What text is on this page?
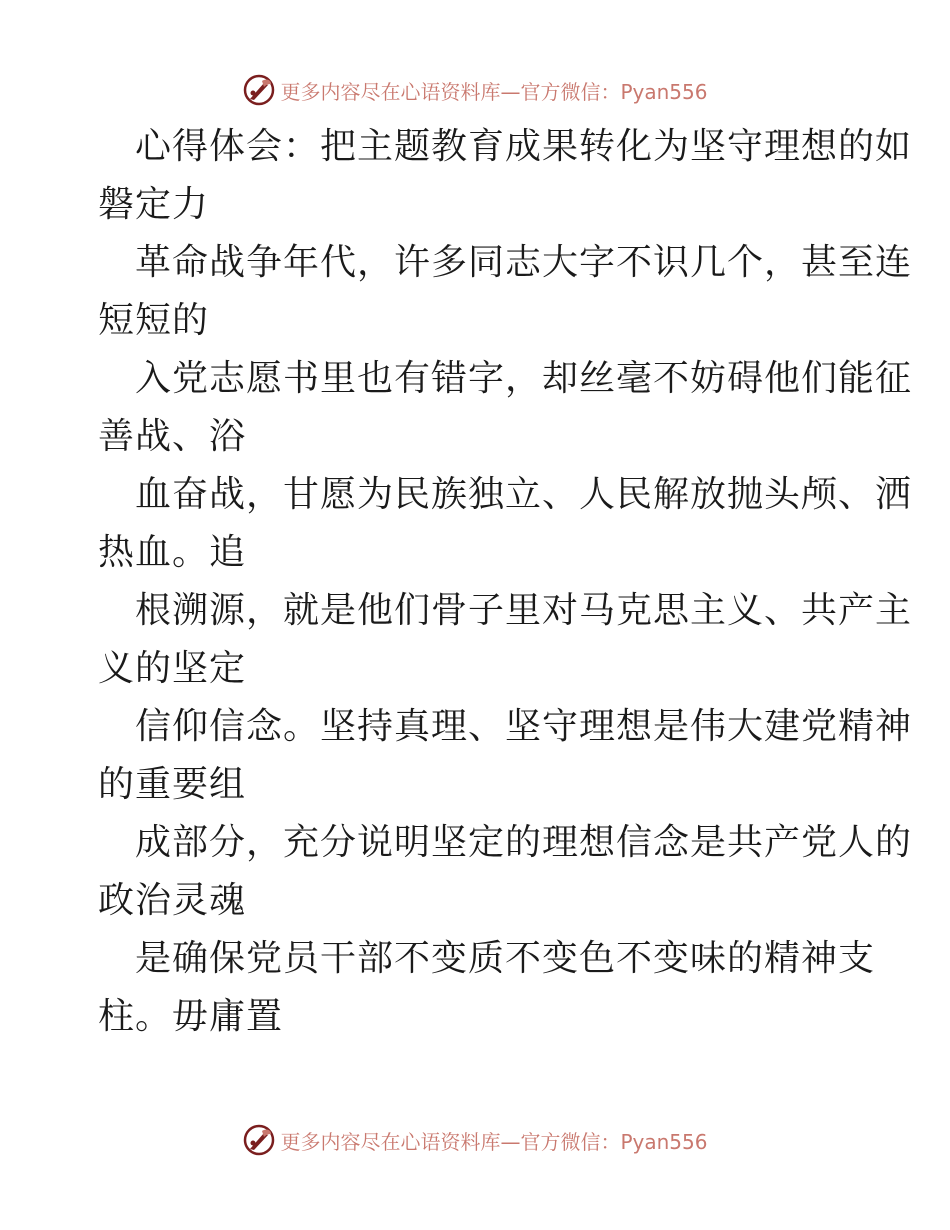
更多内容尽在心语资料库—官方微信：Pyan556

心得体会：把主题教育成果转化为坚守理想的如
磐定力

革命战争年代，许多同志大字不识几个，甚至连
短短的

入党志愿书里也有错字，却丝毫不妨碍他们能征
善战、浴

血奋战，甘愿为民族独立、人民解放抛头颅、洒
热血。追

根溯源，就是他们骨子里对马克思主义、共产主
义的坚定

信仰信念。坚持真理、坚守理想是伟大建党精神
的重要组

成部分，充分说明坚定的理想信念是共产党人的
政治灵魂

是确保党员干部不变质不变色不变味的精神支
柱。毋庸置

更多内容尽在心语资料库—官方微信：Pyan556
